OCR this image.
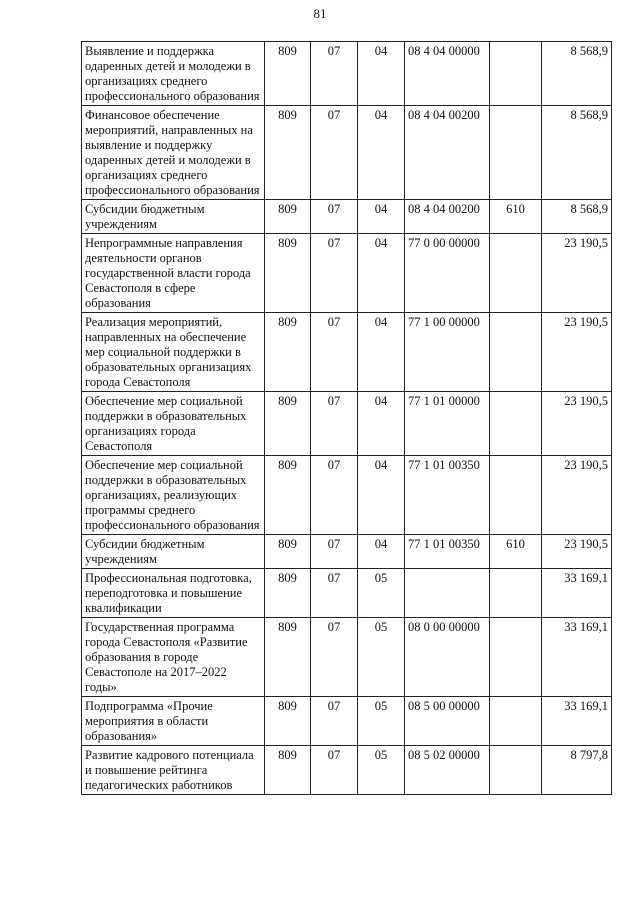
81
Выявление и поддержка одаренных детей и молодежи в организациях среднего профессионального образования	809	07	04	08 4 04 00000		8 568,9
Финансовое обеспечение мероприятий, направленных на выявление и поддержку одаренных детей и молодежи в организациях среднего профессионального образования	809	07	04	08 4 04 00200		8 568,9
Субсидии бюджетным учреждениям	809	07	04	08 4 04 00200	610	8 568,9
Непрограммные направления деятельности органов государственной власти города Севастополя в сфере образования	809	07	04	77 0 00 00000		23 190,5
Реализация мероприятий, направленных на обеспечение мер социальной поддержки в образовательных организациях города Севастополя	809	07	04	77 1 00 00000		23 190,5
Обеспечение мер социальной поддержки в образовательных организациях города Севастополя	809	07	04	77 1 01 00000		23 190,5
Обеспечение мер социальной поддержки в образовательных организациях, реализующих программы среднего профессионального образования	809	07	04	77 1 01 00350		23 190,5
Субсидии бюджетным учреждениям	809	07	04	77 1 01 00350	610	23 190,5
Профессиональная подготовка, переподготовка и повышение квалификации	809	07	05			33 169,1
Государственная программа города Севастополя «Развитие образования в городе Севастополе на 2017–2022 годы»	809	07	05	08 0 00 00000		33 169,1
Подпрограмма «Прочие мероприятия в области образования»	809	07	05	08 5 00 00000		33 169,1
Развитие кадрового потенциала и повышение рейтинга педагогических работников	809	07	05	08 5 02 00000		8 797,8
